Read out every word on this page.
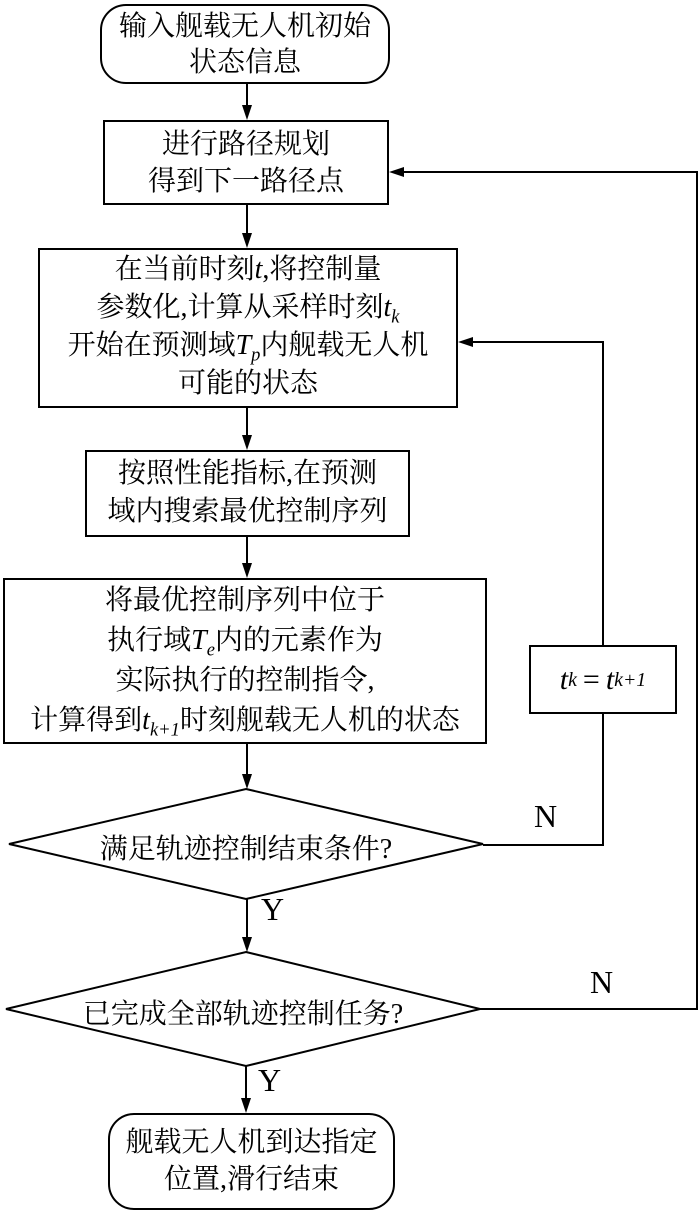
输入舰载无人机初始
状态信息
进行路径规划
得到下一路径点
在当前时刻t,将控制量
参数化,计算从采样时刻$t_k$
开始在预测域$T_p$内舰载无人机
可能的状态
按照性能指标,在预测
域内搜索最优控制序列
将最优控制序列中位于
执行域$T_e$内的元素作为
实际执行的控制指令,
计算得到$t_{k+1}$时刻舰载无人机的状态
t k = t k+1
满足轨迹控制结束条件?
已完成全部轨迹控制任务?
N
Y
N
Y
舰载无人机到达指定
位置,滑行结束
